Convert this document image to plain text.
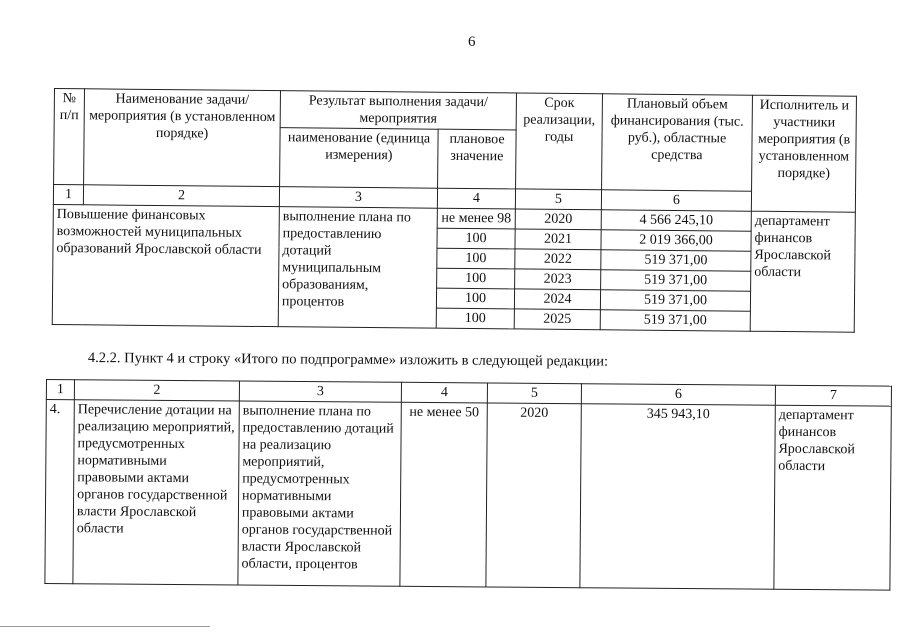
6
№ п/п	Наименование задачи/мероприятия (в установленном порядке)	Результат выполнения задачи/мероприятия		Срок реализации, годы	Плановый объем финансирования (тыс. руб.), областные средства	Исполнитель и участники мероприятия (в установленном порядке)
		наименование (единица измерения)	плановое значение			
1	2	3	4	5	6	
Повышение финансовых возможностей муниципальных образований Ярославской области		выполнение плана по предоставлению дотаций муниципальным образованиям, процентов	не менее 98	2020	4 566 245,10	департамент финансов Ярославской области
			100	2021	2 019 366,00	
			100	2022	519 371,00	
			100	2023	519 371,00	
			100	2024	519 371,00	
			100	2025	519 371,00	
4.2.2. Пункт 4 и строку «Итого по подпрограмме» изложить в следующей редакции:
1	2	3	4	5	6	7
4.	Перечисление дотации на реализацию мероприятий, предусмотренных нормативными правовыми актами органов государственной власти Ярославской области	выполнение плана по предоставлению дотаций на реализацию мероприятий, предусмотренных нормативными правовыми актами органов государственной власти Ярославской области, процентов	не менее 50	2020	345 943,10	департамент финансов Ярославской области
